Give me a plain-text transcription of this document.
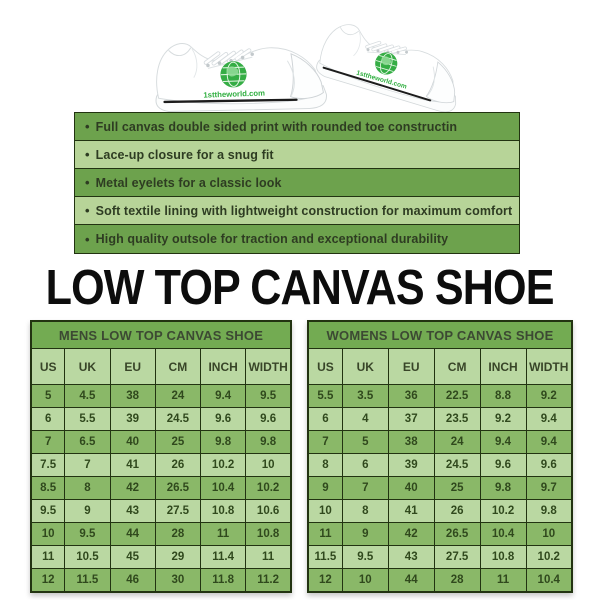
1sttheworld.com
• Full canvas double sided print with rounded toe constructin
• Lace-up closure for a snug fit
• Metal eyelets for a classic look
• Soft textile lining with lightweight construction for maximum comfort
• High quality outsole for traction and exceptional durability
LOW TOP CANVAS SHOE
MENS LOW TOP CANVAS SHOE					
US	UK	EU	CM	INCH	WIDTH
5	4.5	38	24	9.4	9.5
6	5.5	39	24.5	9.6	9.6
7	6.5	40	25	9.8	9.8
7.5	7	41	26	10.2	10
8.5	8	42	26.5	10.4	10.2
9.5	9	43	27.5	10.8	10.6
10	9.5	44	28	11	10.8
11	10.5	45	29	11.4	11
12	11.5	46	30	11.8	11.2
WOMENS LOW TOP CANVAS SHOE					
US	UK	EU	CM	INCH	WIDTH
5.5	3.5	36	22.5	8.8	9.2
6	4	37	23.5	9.2	9.4
7	5	38	24	9.4	9.4
8	6	39	24.5	9.6	9.6
9	7	40	25	9.8	9.7
10	8	41	26	10.2	9.8
11	9	42	26.5	10.4	10
11.5	9.5	43	27.5	10.8	10.2
12	10	44	28	11	10.4
